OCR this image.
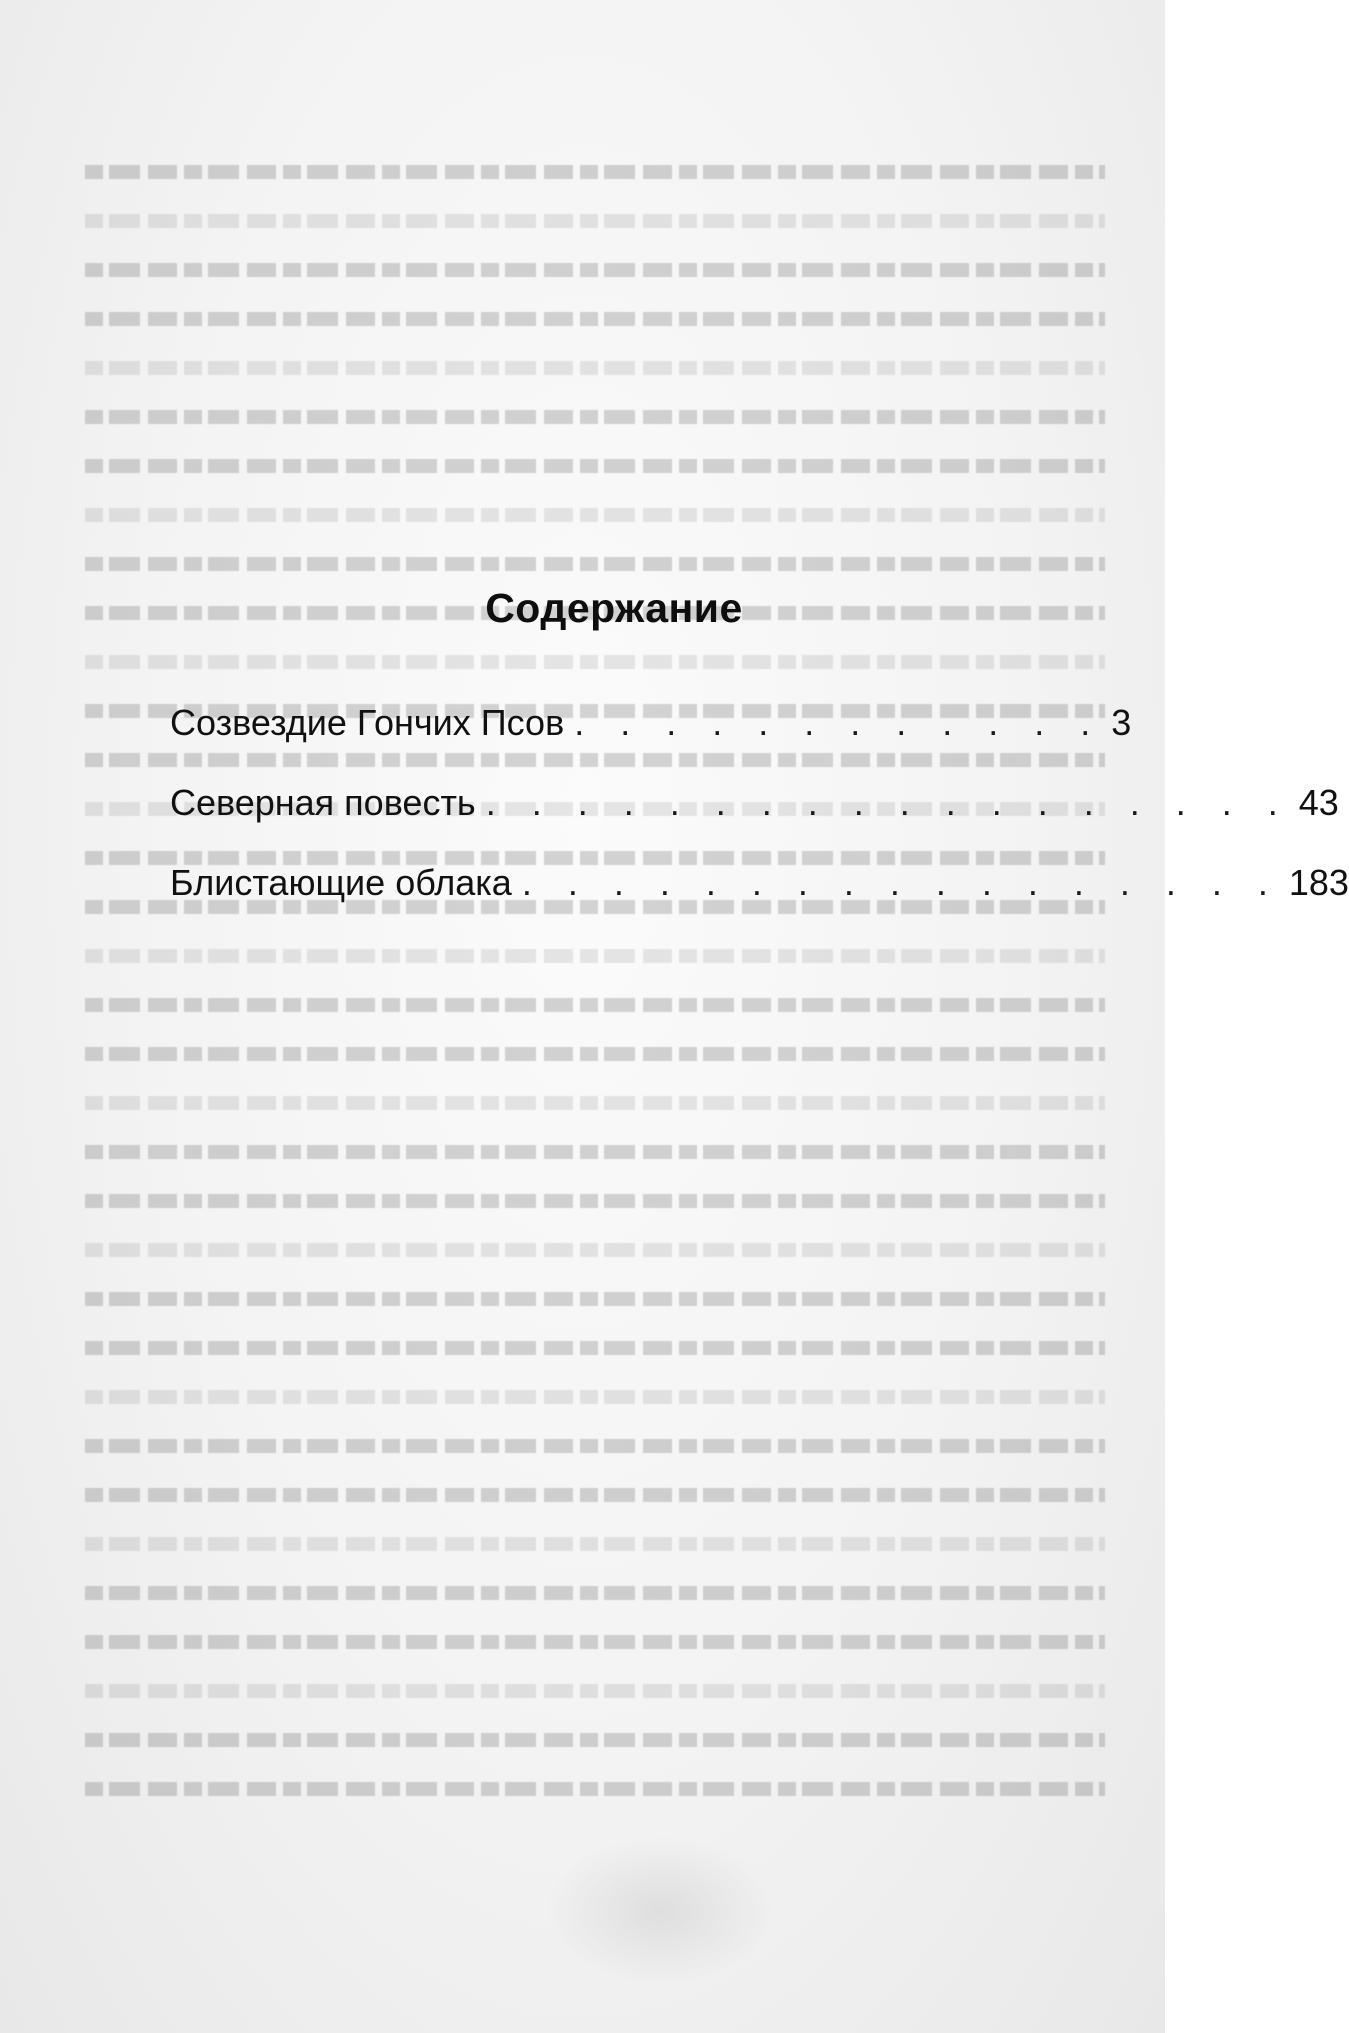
Содержание
Созвездие Гончих Псов . . . . . . . . . . . . 3
Северная повесть . . . . . . . . . . . . . . . . . . 43
Блистающие облака . . . . . . . . . . . . . . . . . 183
